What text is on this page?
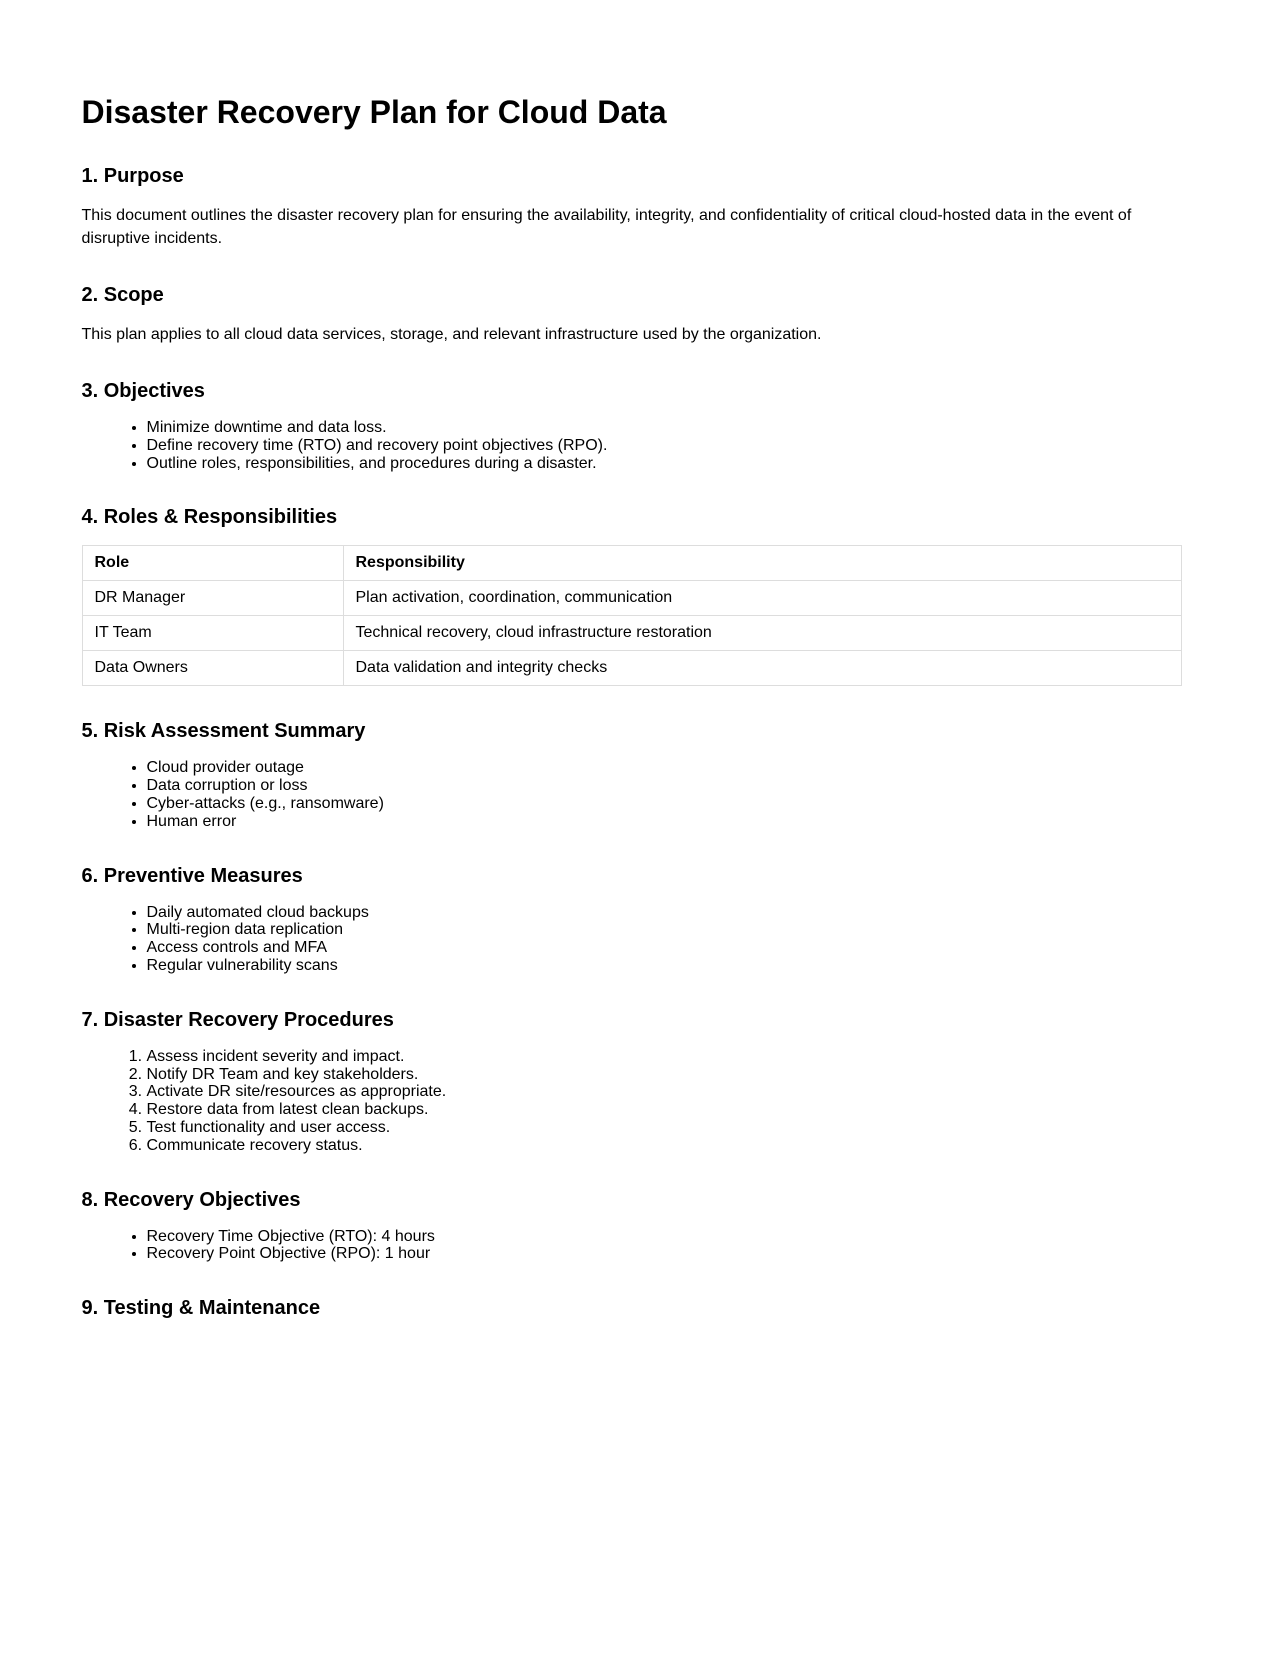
Disaster Recovery Plan for Cloud Data
1. Purpose

This document outlines the disaster recovery plan for ensuring the availability, integrity, and confidentiality of critical cloud-hosted data in the event of disruptive incidents.

2. Scope

This plan applies to all cloud data services, storage, and relevant infrastructure used by the organization.

3. Objectives
• Minimize downtime and data loss.
• Define recovery time (RTO) and recovery point objectives (RPO).
• Outline roles, responsibilities, and procedures during a disaster.
4. Roles & Responsibilities
Role	Responsibility
DR Manager	Plan activation, coordination, communication
IT Team	Technical recovery, cloud infrastructure restoration
Data Owners	Data validation and integrity checks
5. Risk Assessment Summary
• Cloud provider outage
• Data corruption or loss
• Cyber-attacks (e.g., ransomware)
• Human error
6. Preventive Measures
• Daily automated cloud backups
• Multi-region data replication
• Access controls and MFA
• Regular vulnerability scans
7. Disaster Recovery Procedures
1. Assess incident severity and impact.
2. Notify DR Team and key stakeholders.
3. Activate DR site/resources as appropriate.
4. Restore data from latest clean backups.
5. Test functionality and user access.
6. Communicate recovery status.
8. Recovery Objectives
• Recovery Time Objective (RTO): 4 hours
• Recovery Point Objective (RPO): 1 hour
9. Testing & Maintenance
